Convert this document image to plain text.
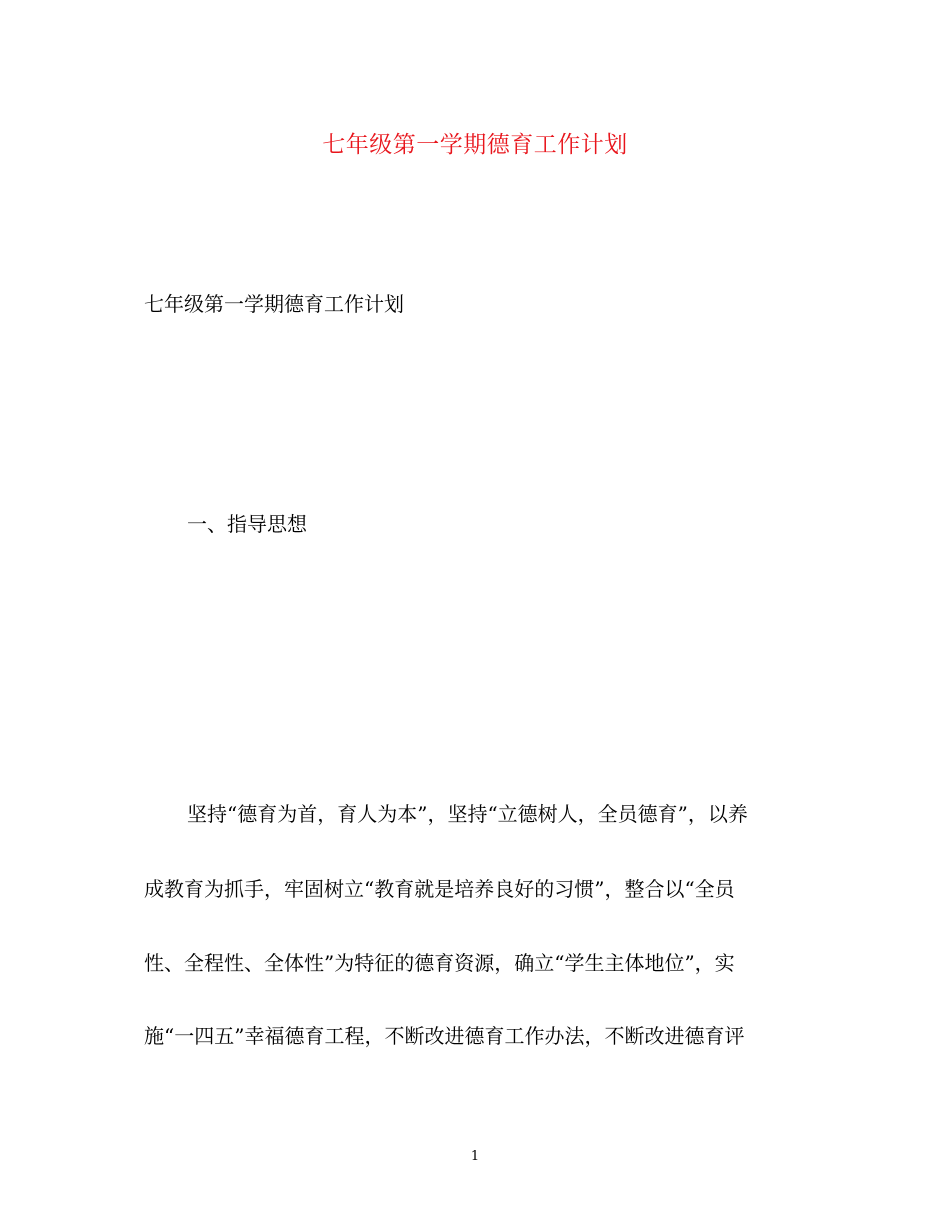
七年级第一学期德育工作计划
七年级第一学期德育工作计划
一、指导思想
坚持“德育为首，育人为本”，坚持“立德树人，全员德育”，以养
成教育为抓手，牢固树立“教育就是培养良好的习惯”，整合以“全员
性、全程性、全体性”为特征的德育资源，确立“学生主体地位”，实
施“一四五”幸福德育工程，不断改进德育工作办法，不断改进德育评
1
